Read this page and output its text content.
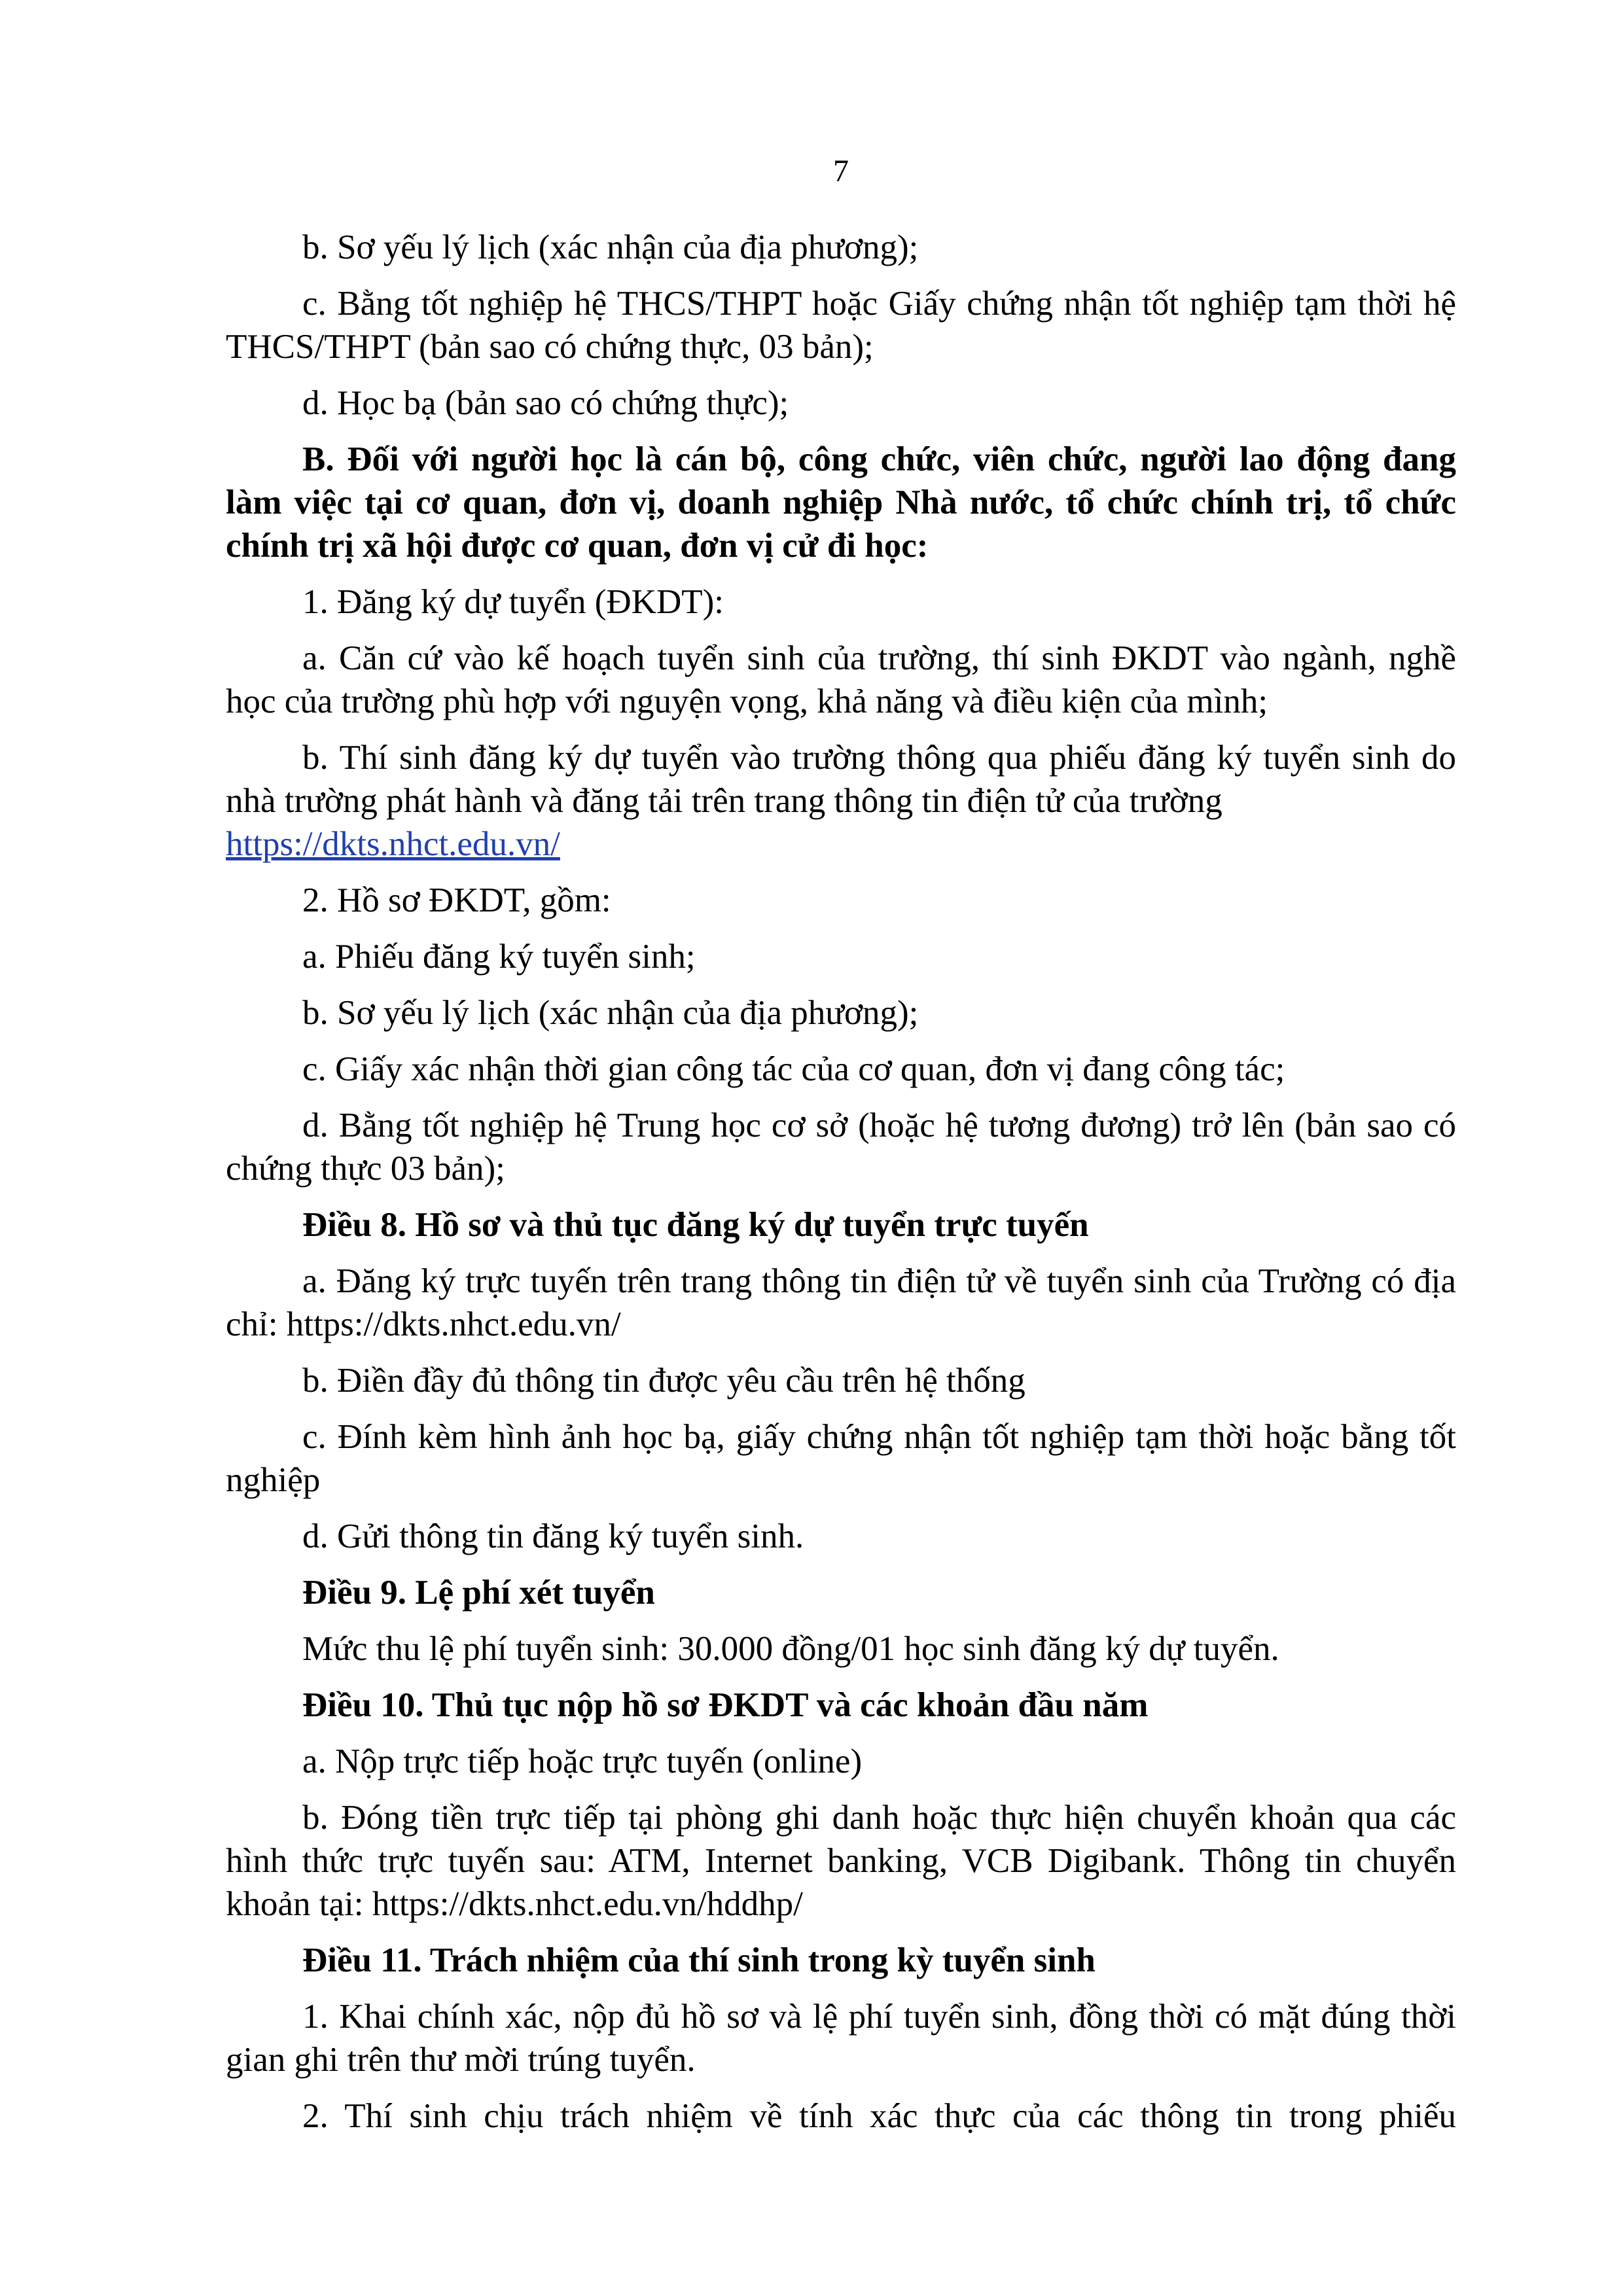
7

b. Sơ yếu lý lịch (xác nhận của địa phương);

c. Bằng tốt nghiệp hệ THCS/THPT hoặc Giấy chứng nhận tốt nghiệp tạm thời hệ THCS/THPT (bản sao có chứng thực, 03 bản);

d. Học bạ (bản sao có chứng thực);

B. Đối với người học là cán bộ, công chức, viên chức, người lao động đang làm việc tại cơ quan, đơn vị, doanh nghiệp Nhà nước, tổ chức chính trị, tổ chức chính trị xã hội được cơ quan, đơn vị cử đi học:

1. Đăng ký dự tuyển (ĐKDT):

a. Căn cứ vào kế hoạch tuyển sinh của trường, thí sinh ĐKDT vào ngành, nghề học của trường phù hợp với nguyện vọng, khả năng và điều kiện của mình;

b. Thí sinh đăng ký dự tuyển vào trường thông qua phiếu đăng ký tuyển sinh do nhà trường phát hành và đăng tải trên trang thông tin điện tử của trường
https://dkts.nhct.edu.vn/

2. Hồ sơ ĐKDT, gồm:

a. Phiếu đăng ký tuyển sinh;

b. Sơ yếu lý lịch (xác nhận của địa phương);

c. Giấy xác nhận thời gian công tác của cơ quan, đơn vị đang công tác;

d. Bằng tốt nghiệp hệ Trung học cơ sở (hoặc hệ tương đương) trở lên (bản sao có chứng thực 03 bản);

Điều 8. Hồ sơ và thủ tục đăng ký dự tuyển trực tuyến

a. Đăng ký trực tuyến trên trang thông tin điện tử về tuyển sinh của Trường có địa chỉ: https://dkts.nhct.edu.vn/

b. Điền đầy đủ thông tin được yêu cầu trên hệ thống

c. Đính kèm hình ảnh học bạ, giấy chứng nhận tốt nghiệp tạm thời hoặc bằng tốt nghiệp

d. Gửi thông tin đăng ký tuyển sinh.

Điều 9. Lệ phí xét tuyển

Mức thu lệ phí tuyển sinh: 30.000 đồng/01 học sinh đăng ký dự tuyển.

Điều 10. Thủ tục nộp hồ sơ ĐKDT và các khoản đầu năm

a. Nộp trực tiếp hoặc trực tuyến (online)

b. Đóng tiền trực tiếp tại phòng ghi danh hoặc thực hiện chuyển khoản qua các hình thức trực tuyến sau: ATM, Internet banking, VCB Digibank. Thông tin chuyển khoản tại: https://dkts.nhct.edu.vn/hddhp/

Điều 11. Trách nhiệm của thí sinh trong kỳ tuyển sinh

1. Khai chính xác, nộp đủ hồ sơ và lệ phí tuyển sinh, đồng thời có mặt đúng thời gian ghi trên thư mời trúng tuyển.

2. Thí sinh chịu trách nhiệm về tính xác thực của các thông tin trong phiếu
